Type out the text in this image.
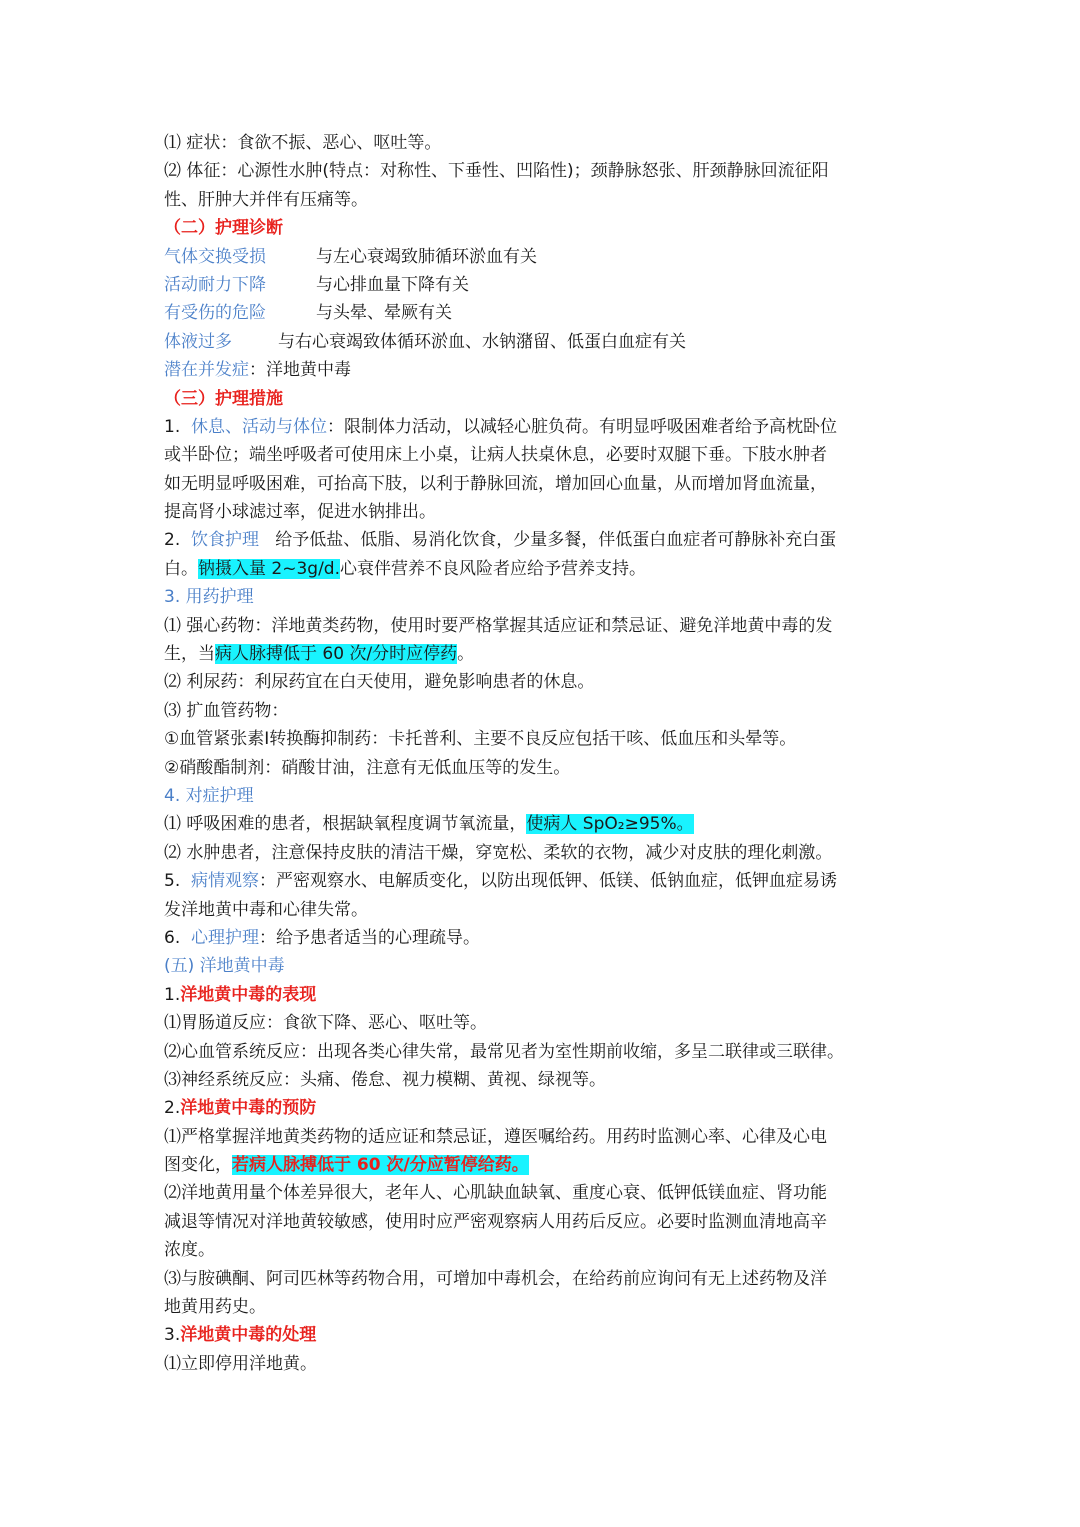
⑴ 症状：食欲不振、恶心、呕吐等。
⑵ 体征：心源性水肿(特点：对称性、下垂性、凹陷性)；颈静脉怒张、肝颈静脉回流征阳
性、肝肿大并伴有压痛等。
（二）护理诊断
气体交换受损	与左心衰竭致肺循环淤血有关
活动耐力下降	与心排血量下降有关
有受伤的危险	与头晕、晕厥有关
体液过多	与右心衰竭致体循环淤血、水钠潴留、低蛋白血症有关
潜在并发症：洋地黄中毒
（三）护理措施
1. 休息、活动与体位：限制体力活动，以减轻心脏负荷。有明显呼吸困难者给予高枕卧位
或半卧位；端坐呼吸者可使用床上小桌，让病人扶桌休息，必要时双腿下垂。下肢水肿者
如无明显呼吸困难，可抬高下肢，以利于静脉回流，增加回心血量，从而增加肾血流量，
提高肾小球滤过率，促进水钠排出。
2. 饮食护理 给予低盐、低脂、易消化饮食，少量多餐，伴低蛋白血症者可静脉补充白蛋
白。钠摄入量 2~3g/d.心衰伴营养不良风险者应给予营养支持。
3. 用药护理
⑴ 强心药物：洋地黄类药物，使用时要严格掌握其适应证和禁忌证、避免洋地黄中毒的发
生，当病人脉搏低于 60 次/分时应停药。
⑵ 利尿药：利尿药宜在白天使用，避免影响患者的休息。
⑶ 扩血管药物：
①血管紧张素Ⅰ转换酶抑制药：卡托普利、主要不良反应包括干咳、低血压和头晕等。
②硝酸酯制剂：硝酸甘油，注意有无低血压等的发生。
4. 对症护理
⑴ 呼吸困难的患者，根据缺氧程度调节氧流量，使病人 SpO₂≥95%。
⑵ 水肿患者，注意保持皮肤的清洁干燥，穿宽松、柔软的衣物，减少对皮肤的理化刺激。
5. 病情观察：严密观察水、电解质变化，以防出现低钾、低镁、低钠血症，低钾血症易诱
发洋地黄中毒和心律失常。
6. 心理护理：给予患者适当的心理疏导。
(五) 洋地黄中毒
1.洋地黄中毒的表现
⑴胃肠道反应：食欲下降、恶心、呕吐等。
⑵心血管系统反应：出现各类心律失常，最常见者为室性期前收缩，多呈二联律或三联律。
⑶神经系统反应：头痛、倦怠、视力模糊、黄视、绿视等。
2.洋地黄中毒的预防
⑴严格掌握洋地黄类药物的适应证和禁忌证，遵医嘱给药。用药时监测心率、心律及心电
图变化，若病人脉搏低于 60 次/分应暂停给药。
⑵洋地黄用量个体差异很大，老年人、心肌缺血缺氧、重度心衰、低钾低镁血症、肾功能
减退等情况对洋地黄较敏感，使用时应严密观察病人用药后反应。必要时监测血清地高辛
浓度。
⑶与胺碘酮、阿司匹林等药物合用，可增加中毒机会，在给药前应询问有无上述药物及洋
地黄用药史。
3.洋地黄中毒的处理
⑴立即停用洋地黄。
